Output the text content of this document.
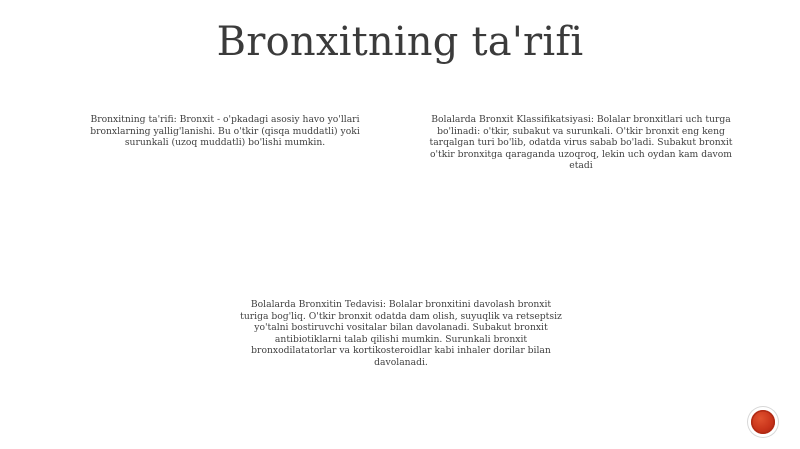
Bronxitning ta'rifi

Bronxitning ta'rifi: Bronxit - o'pkadagi asosiy havo yo'llari bronxlarning yallig'lanishi. Bu o'tkir (qisqa muddatli) yoki surunkali (uzoq muddatli) bo'lishi mumkin.

Bolalarda Bronxit Klassifikatsiyasi: Bolalar bronxitlari uch turga bo'linadi: o'tkir, subakut va surunkali. O'tkir bronxit eng keng tarqalgan turi bo'lib, odatda virus sabab bo'ladi. Subakut bronxit o'tkir bronxitga qaraganda uzoqroq, lekin uch oydan kam davom etadi

Bolalarda Bronxitin Tedavisi: Bolalar bronxitini davolash bronxit turiga bog'liq. O'tkir bronxit odatda dam olish, suyuqlik va retseptsiz yo'talni bostiruvchi vositalar bilan davolanadi. Subakut bronxit antibiotiklarni talab qilishi mumkin. Surunkali bronxit bronxodilatatorlar va kortikosteroidlar kabi inhaler dorilar bilan davolanadi.
